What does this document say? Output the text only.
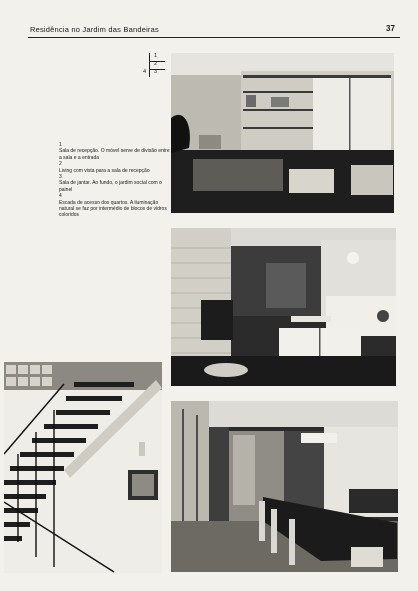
Residência no Jardim das Bandeiras	37
1
2
4 3

1

Sala de recepção. O móvel serve de divisão entre a sala e a entrada

2

Living com vista para a sala de recepção

3

Sala de jantar. Ao fundo, o jardim social com o painel

4

Escada de acesso dos quartos. A iluminação natural se faz por intermédio de blocos de vidros coloridos
